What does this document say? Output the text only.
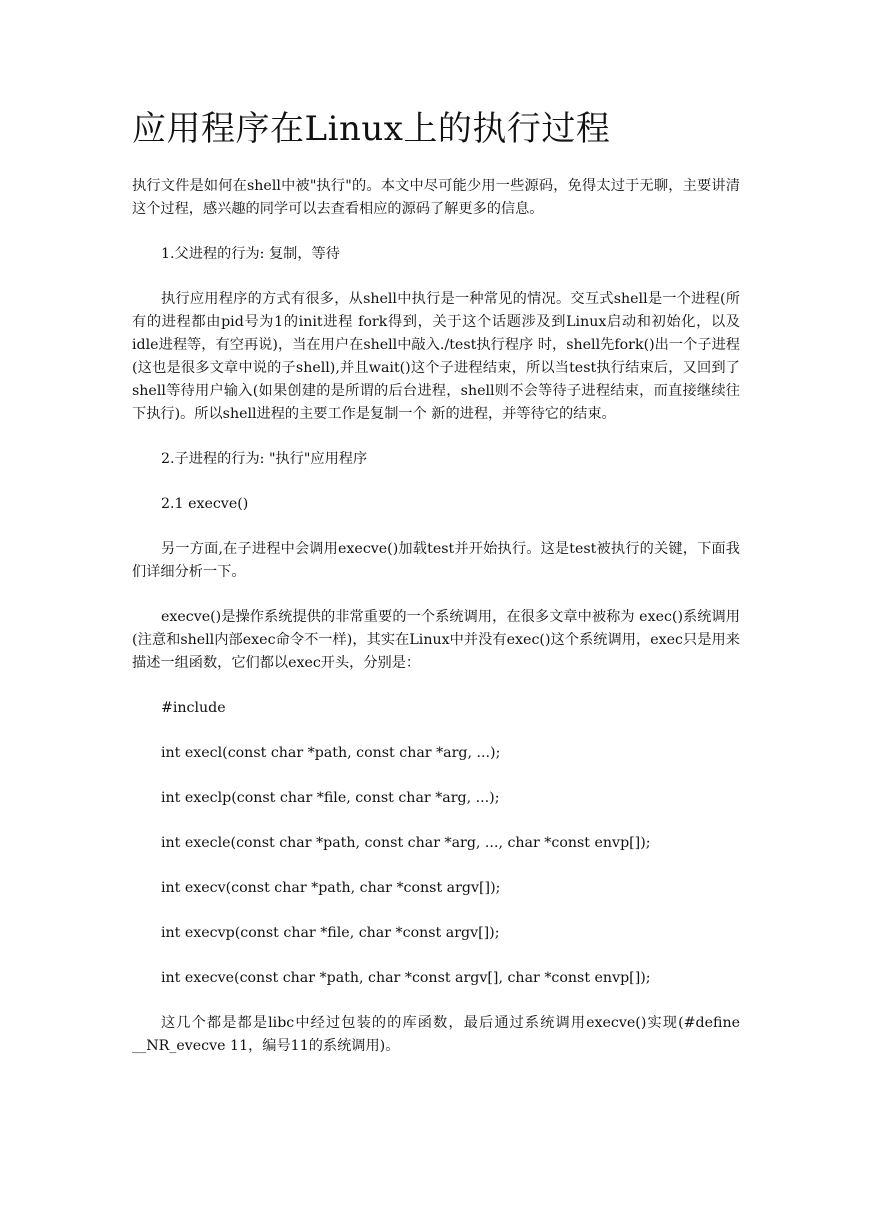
应用程序在Linux上的执行过程

执行文件是如何在shell中被"执行"的。本文中尽可能少用一些源码，免得太过于无聊，主要讲清这个过程，感兴趣的同学可以去查看相应的源码了解更多的信息。

1.父进程的行为: 复制，等待

执行应用程序的方式有很多，从shell中执行是一种常见的情况。交互式shell是一个进程(所有的进程都由pid号为1的init进程 fork得到，关于这个话题涉及到Linux启动和初始化，以及idle进程等，有空再说)，当在用户在shell中敲入./test执行程序 时，shell先fork()出一个子进程(这也是很多文章中说的子shell),并且wait()这个子进程结束，所以当test执行结束后，又回到了 shell等待用户输入(如果创建的是所谓的后台进程，shell则不会等待子进程结束，而直接继续往下执行)。所以shell进程的主要工作是复制一个 新的进程，并等待它的结束。

2.子进程的行为: "执行"应用程序

2.1 execve()

另一方面,在子进程中会调用execve()加载test并开始执行。这是test被执行的关键，下面我们详细分析一下。

execve()是操作系统提供的非常重要的一个系统调用，在很多文章中被称为 exec()系统调用(注意和shell内部exec命令不一样)，其实在Linux中并没有exec()这个系统调用，exec只是用来描述一组函数，它们都以exec开头，分别是：

#include

int execl(const char *path, const char *arg, ...);

int execlp(const char *file, const char *arg, ...);

int execle(const char *path, const char *arg, ..., char *const envp[]);

int execv(const char *path, char *const argv[]);

int execvp(const char *file, char *const argv[]);

int execve(const char *path, char *const argv[], char *const envp[]);

这几个都是都是libc中经过包装的的库函数，最后通过系统调用execve()实现(#define __NR_evecve 11，编号11的系统调用)。
